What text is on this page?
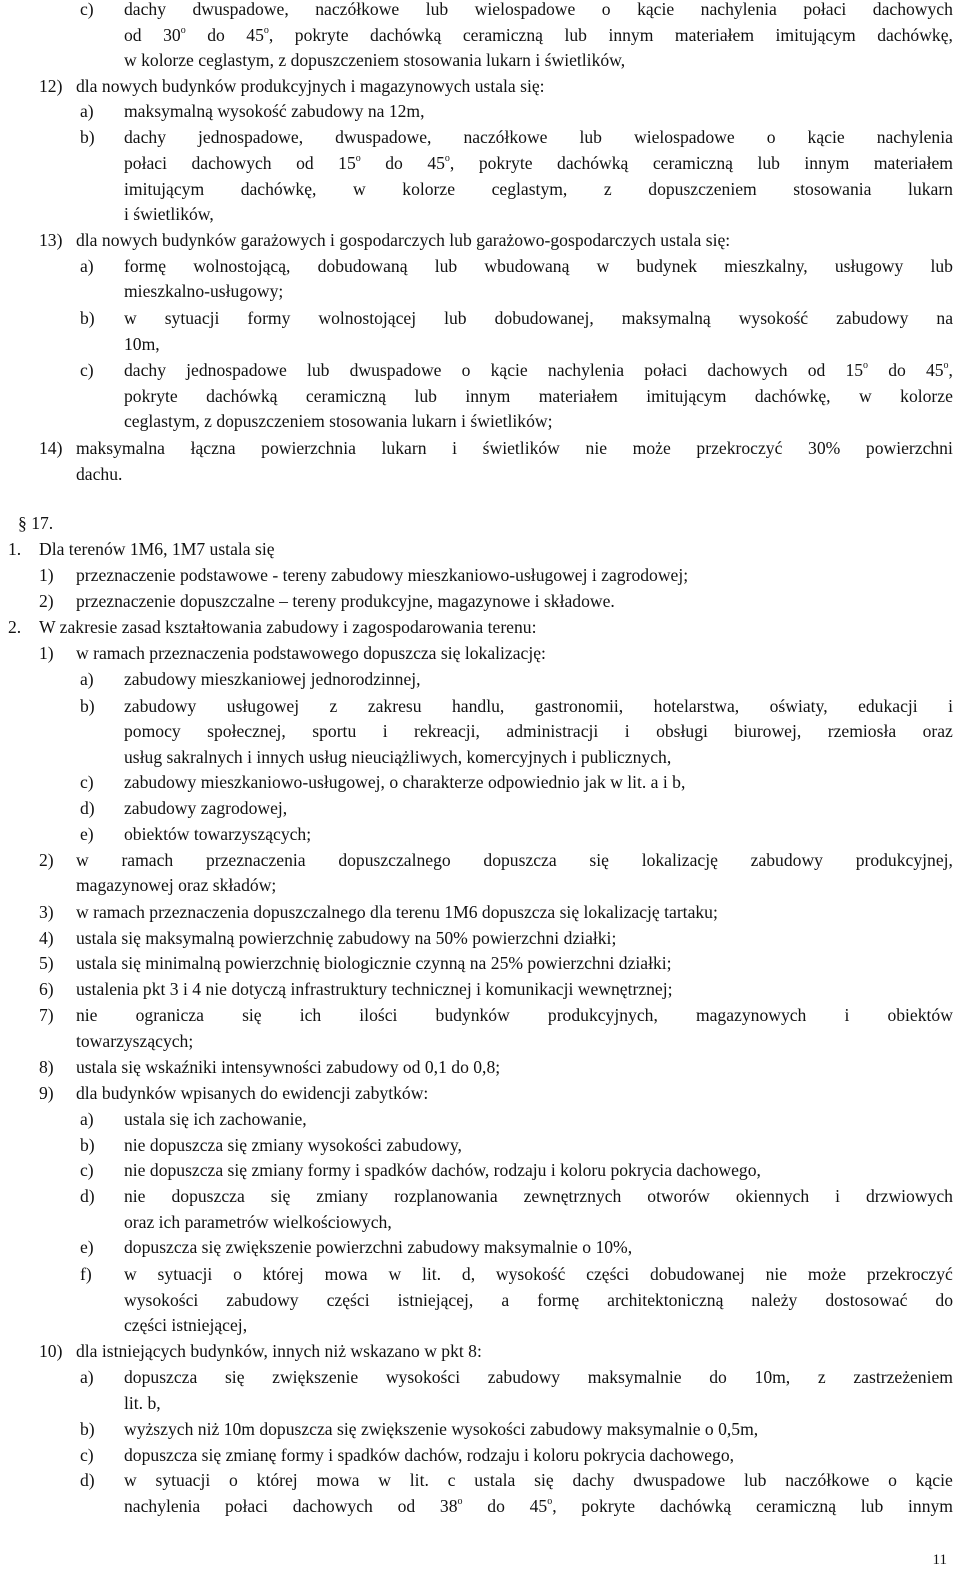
c) dachy dwuspadowe, naczółkowe lub wielospadowe o kącie nachylenia połaci dachowych
od 30$^o$ do 45$^o$, pokryte dachówką ceramiczną lub innym materiałem imitującym dachówkę,
w kolorze ceglastym, z dopuszczeniem stosowania lukarn i świetlików,
12) dla nowych budynków produkcyjnych i magazynowych ustala się:
a) maksymalną wysokość zabudowy na 12m,
b) dachy jednospadowe, dwuspadowe, naczółkowe lub wielospadowe o kącie nachylenia
połaci dachowych od 15$^o$ do 45$^o$, pokryte dachówką ceramiczną lub innym materiałem
imitującym dachówkę, w kolorze ceglastym, z dopuszczeniem stosowania lukarn
i świetlików,
13) dla nowych budynków garażowych i gospodarczych lub garażowo-gospodarczych ustala się:
a) formę wolnostojącą, dobudowaną lub wbudowaną w budynek mieszkalny, usługowy lub
mieszkalno-usługowy;
b) w sytuacji formy wolnostojącej lub dobudowanej, maksymalną wysokość zabudowy na
10m,
c) dachy jednospadowe lub dwuspadowe o kącie nachylenia połaci dachowych od 15$^o$ do 45$^o$,
pokryte dachówką ceramiczną lub innym materiałem imitującym dachówkę, w kolorze
ceglastym, z dopuszczeniem stosowania lukarn i świetlików;
14) maksymalna łączna powierzchnia lukarn i świetlików nie może przekroczyć 30% powierzchni
dachu.
§ 17.
1. Dla terenów 1M6, 1M7 ustala się
1) przeznaczenie podstawowe - tereny zabudowy mieszkaniowo-usługowej i zagrodowej;
2) przeznaczenie dopuszczalne – tereny produkcyjne, magazynowe i składowe.
2. W zakresie zasad kształtowania zabudowy i zagospodarowania terenu:
1) w ramach przeznaczenia podstawowego dopuszcza się lokalizację:
a) zabudowy mieszkaniowej jednorodzinnej,
b) zabudowy usługowej z zakresu handlu, gastronomii, hotelarstwa, oświaty, edukacji i
pomocy społecznej, sportu i rekreacji, administracji i obsługi biurowej, rzemiosła oraz
usług sakralnych i innych usług nieuciążliwych, komercyjnych i publicznych,
c) zabudowy mieszkaniowo-usługowej, o charakterze odpowiednio jak w lit. a i b,
d) zabudowy zagrodowej,
e) obiektów towarzyszących;
2) w ramach przeznaczenia dopuszczalnego dopuszcza się lokalizację zabudowy produkcyjnej,
magazynowej oraz składów;
3) w ramach przeznaczenia dopuszczalnego dla terenu 1M6 dopuszcza się lokalizację tartaku;
4) ustala się maksymalną powierzchnię zabudowy na 50% powierzchni działki;
5) ustala się minimalną powierzchnię biologicznie czynną na 25% powierzchni działki;
6) ustalenia pkt 3 i 4 nie dotyczą infrastruktury technicznej i komunikacji wewnętrznej;
7) nie ogranicza się ich ilości budynków produkcyjnych, magazynowych i obiektów
towarzyszących;
8) ustala się wskaźniki intensywności zabudowy od 0,1 do 0,8;
9) dla budynków wpisanych do ewidencji zabytków:
a) ustala się ich zachowanie,
b) nie dopuszcza się zmiany wysokości zabudowy,
c) nie dopuszcza się zmiany formy i spadków dachów, rodzaju i koloru pokrycia dachowego,
d) nie dopuszcza się zmiany rozplanowania zewnętrznych otworów okiennych i drzwiowych
oraz ich parametrów wielkościowych,
e) dopuszcza się zwiększenie powierzchni zabudowy maksymalnie o 10%,
f) w sytuacji o której mowa w lit. d, wysokość części dobudowanej nie może przekroczyć
wysokości zabudowy części istniejącej, a formę architektoniczną należy dostosować do
części istniejącej,
10) dla istniejących budynków, innych niż wskazano w pkt 8:
a) dopuszcza się zwiększenie wysokości zabudowy maksymalnie do 10m, z zastrzeżeniem
lit. b,
b) wyższych niż 10m dopuszcza się zwiększenie wysokości zabudowy maksymalnie o 0,5m,
c) dopuszcza się zmianę formy i spadków dachów, rodzaju i koloru pokrycia dachowego,
d) w sytuacji o której mowa w lit. c ustala się dachy dwuspadowe lub naczółkowe o kącie
nachylenia połaci dachowych od 38$^o$ do 45$^o$, pokryte dachówką ceramiczną lub innym
11
